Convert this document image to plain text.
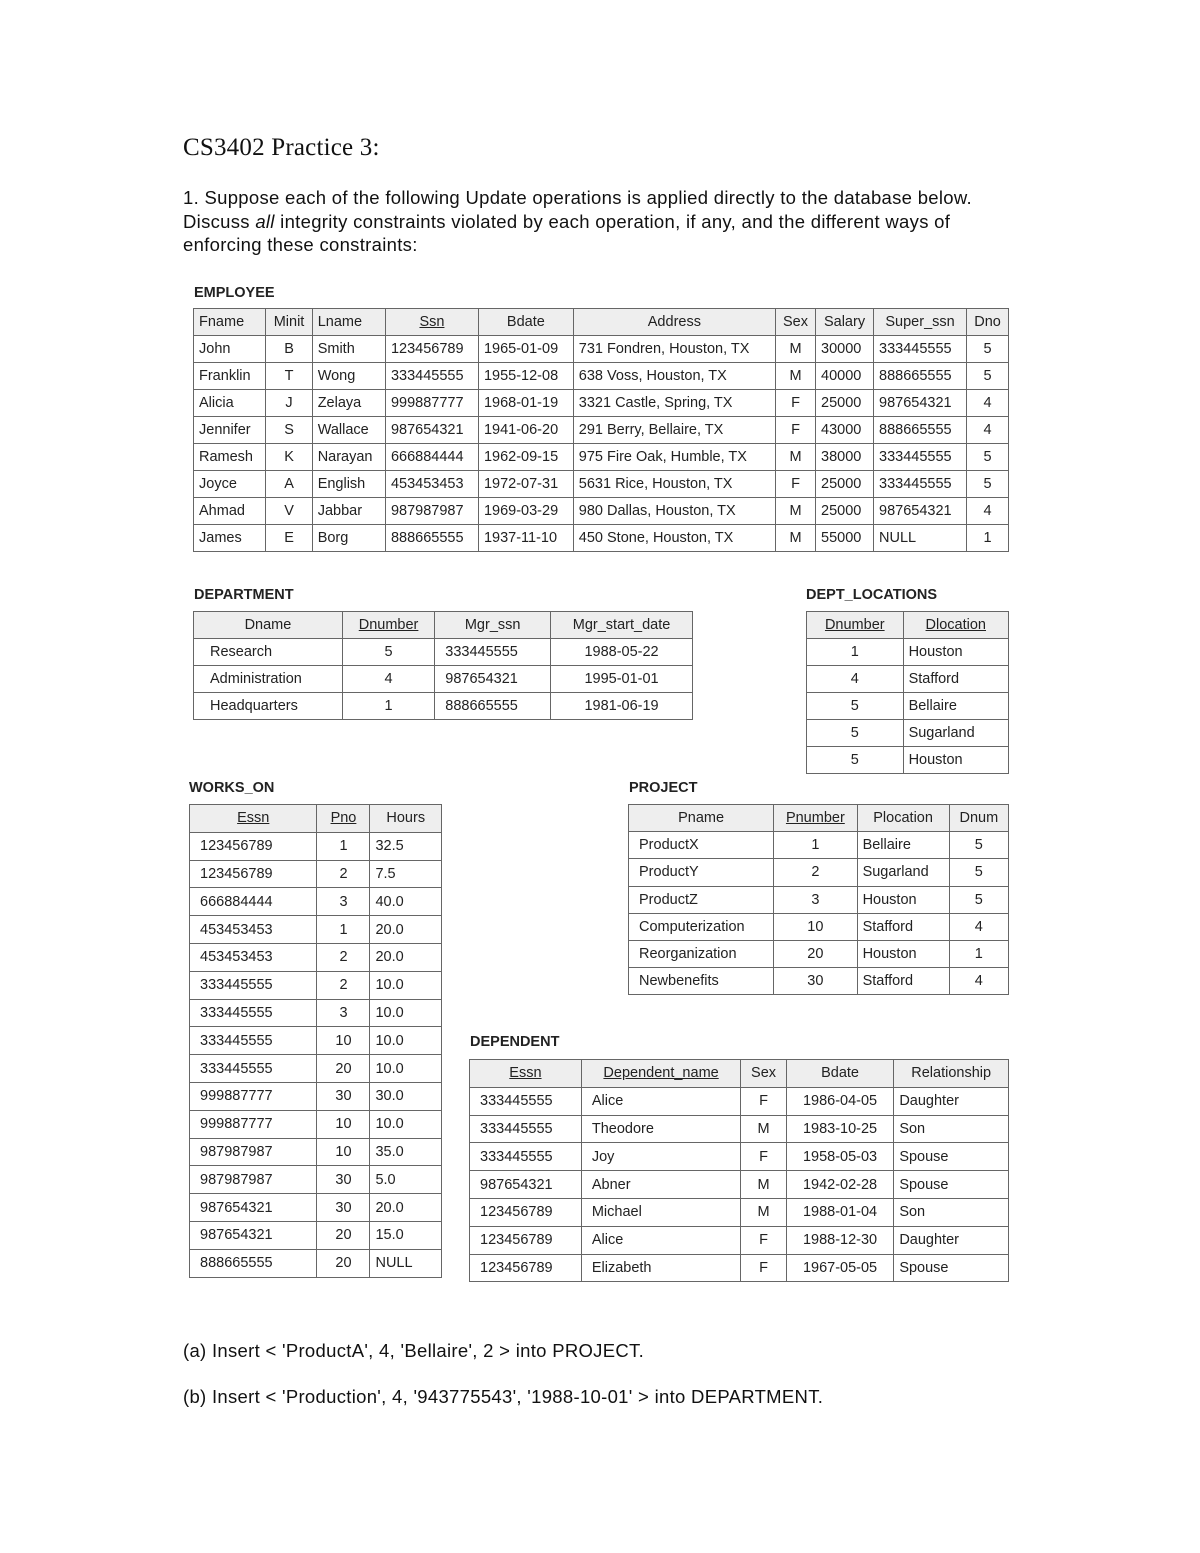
CS3402 Practice 3:

1. Suppose each of the following Update operations is applied directly to the database below. Discuss all integrity constraints violated by each operation, if any, and the different ways of enforcing these constraints:

EMPLOYEE
Fname	Minit	Lname	Ssn	Bdate	Address	Sex	Salary	Super_ssn	Dno
John	B	Smith	123456789	1965-01-09	731 Fondren, Houston, TX	M	30000	333445555	5
Franklin	T	Wong	333445555	1955-12-08	638 Voss, Houston, TX	M	40000	888665555	5
Alicia	J	Zelaya	999887777	1968-01-19	3321 Castle, Spring, TX	F	25000	987654321	4
Jennifer	S	Wallace	987654321	1941-06-20	291 Berry, Bellaire, TX	F	43000	888665555	4
Ramesh	K	Narayan	666884444	1962-09-15	975 Fire Oak, Humble, TX	M	38000	333445555	5
Joyce	A	English	453453453	1972-07-31	5631 Rice, Houston, TX	F	25000	333445555	5
Ahmad	V	Jabbar	987987987	1969-03-29	980 Dallas, Houston, TX	M	25000	987654321	4
James	E	Borg	888665555	1937-11-10	450 Stone, Houston, TX	M	55000	NULL	1
DEPARTMENT
Dname	Dnumber	Mgr_ssn	Mgr_start_date
Research	5	333445555	1988-05-22
Administration	4	987654321	1995-01-01
Headquarters	1	888665555	1981-06-19
DEPT_LOCATIONS
Dnumber	Dlocation
1	Houston
4	Stafford
5	Bellaire
5	Sugarland
5	Houston
WORKS_ON
Essn	Pno	Hours
123456789	1	32.5
123456789	2	7.5
666884444	3	40.0
453453453	1	20.0
453453453	2	20.0
333445555	2	10.0
333445555	3	10.0
333445555	10	10.0
333445555	20	10.0
999887777	30	30.0
999887777	10	10.0
987987987	10	35.0
987987987	30	5.0
987654321	30	20.0
987654321	20	15.0
888665555	20	NULL
PROJECT
Pname	Pnumber	Plocation	Dnum
ProductX	1	Bellaire	5
ProductY	2	Sugarland	5
ProductZ	3	Houston	5
Computerization	10	Stafford	4
Reorganization	20	Houston	1
Newbenefits	30	Stafford	4
DEPENDENT
Essn	Dependent_name	Sex	Bdate	Relationship
333445555	Alice	F	1986-04-05	Daughter
333445555	Theodore	M	1983-10-25	Son
333445555	Joy	F	1958-05-03	Spouse
987654321	Abner	M	1942-02-28	Spouse
123456789	Michael	M	1988-01-04	Son
123456789	Alice	F	1988-12-30	Daughter
123456789	Elizabeth	F	1967-05-05	Spouse

(a) Insert < 'ProductA', 4, 'Bellaire', 2 > into PROJECT.

(b) Insert < 'Production', 4, '943775543', '1988-10-01' > into DEPARTMENT.
